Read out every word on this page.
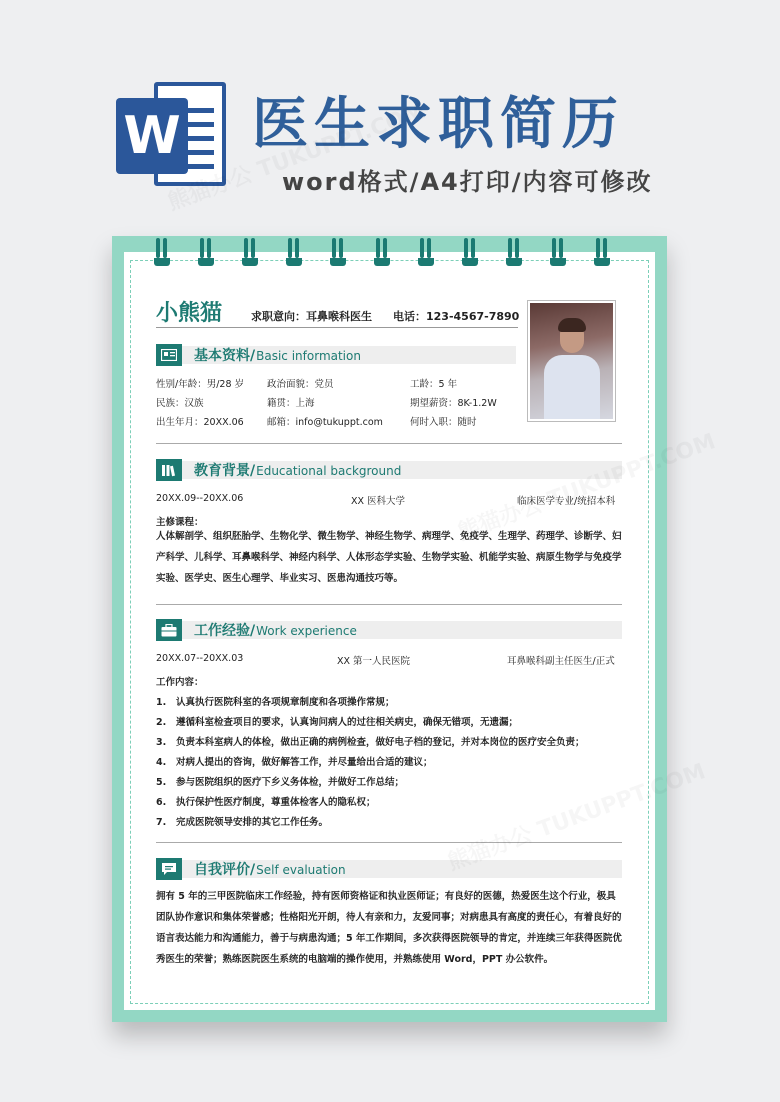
W 医生求职简历
word格式/A4打印/内容可修改
小熊猫	求职意向：耳鼻喉科医生 电话：123-4567-7890
基本资料/Basic information
性别/年龄：男/28 岁 政治面貌：党员	工龄：5 年
民族：汉族	籍贯：上海	期望薪资：8K-1.2W
出生年月：20XX.06 邮箱：info@tukuppt.com	何时入职：随时
教育背景/Educational background
20XX.09--20XX.06	XX 医科大学	临床医学专业/统招本科
主修课程：
人体解剖学、组织胚胎学、生物化学、微生物学、神经生物学、病理学、免疫学、生理学、药理学、诊断学、妇产科学、儿科学、耳鼻喉科学、神经内科学、人体形态学实验、生物学实验、机能学实验、病原生物学与免疫学实验、医学史、医生心理学、毕业实习、医患沟通技巧等。
工作经验/Work experience
20XX.07--20XX.03	XX 第一人民医院	耳鼻喉科副主任医生/正式
工作内容：
1. 认真执行医院科室的各项规章制度和各项操作常规；
2. 遵循科室检查项目的要求，认真询问病人的过往相关病史，确保无错项，无遗漏；
3. 负责本科室病人的体检，做出正确的病例检查，做好电子档的登记，并对本岗位的医疗安全负责；
4. 对病人提出的咨询，做好解答工作，并尽量给出合适的建议；
5. 参与医院组织的医疗下乡义务体检，并做好工作总结；
6. 执行保护性医疗制度，尊重体检客人的隐私权；
7. 完成医院领导安排的其它工作任务。
自我评价/Self evaluation
拥有 5 年的三甲医院临床工作经验，持有医师资格证和执业医师证；有良好的医德，热爱医生这个行业，极具团队协作意识和集体荣誉感；性格阳光开朗，待人有亲和力，友爱同事；对病患具有高度的责任心，有着良好的语言表达能力和沟通能力，善于与病患沟通；5 年工作期间，多次获得医院领导的肯定，并连续三年获得医院优秀医生的荣誉；熟练医院医生系统的电脑端的操作使用，并熟练使用 Word，PPT 办公软件。
